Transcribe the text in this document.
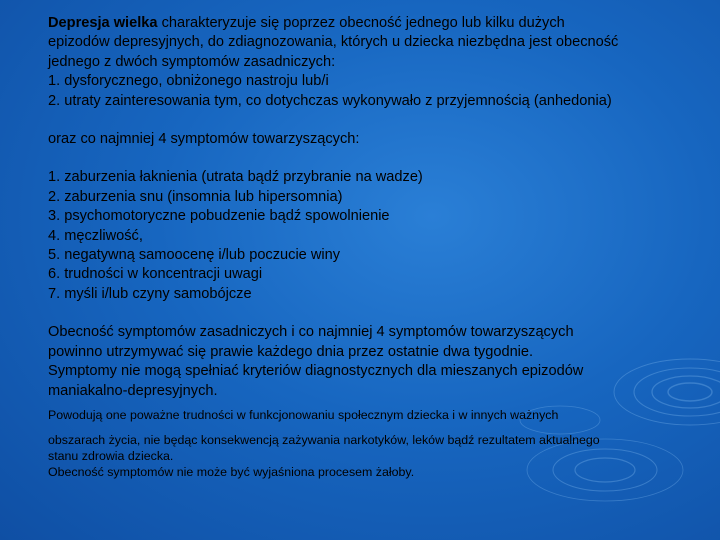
Depresja wielka charakteryzuje się poprzez obecność jednego lub kilku dużych

epizodów depresyjnych, do zdiagnozowania, których u dziecka niezbędna jest obecność

jednego z dwóch symptomów zasadniczych:

1. dysforycznego, obniżonego nastroju lub/i

2. utraty zainteresowania tym, co dotychczas wykonywało z przyjemnością (anhedonia)

oraz co najmniej 4 symptomów towarzyszących:

1. zaburzenia łaknienia (utrata bądź przybranie na wadze)

2. zaburzenia snu (insomnia lub hipersomnia)

3. psychomotoryczne pobudzenie bądź spowolnienie

4. męczliwość,

5. negatywną samoocenę i/lub poczucie winy

6. trudności w koncentracji uwagi

7. myśli i/lub czyny samobójcze

Obecność symptomów zasadniczych i co najmniej 4 symptomów towarzyszących

powinno utrzymywać się prawie każdego dnia przez ostatnie dwa tygodnie.

Symptomy nie mogą spełniać kryteriów diagnostycznych dla mieszanych epizodów

maniakalno-depresyjnych.

Powodują one poważne trudności w funkcjonowaniu społecznym dziecka i w innych ważnych

obszarach życia, nie będąc konsekwencją zażywania narkotyków, leków bądź rezultatem aktualnego

stanu zdrowia dziecka.

Obecność symptomów nie może być wyjaśniona procesem żałoby.
